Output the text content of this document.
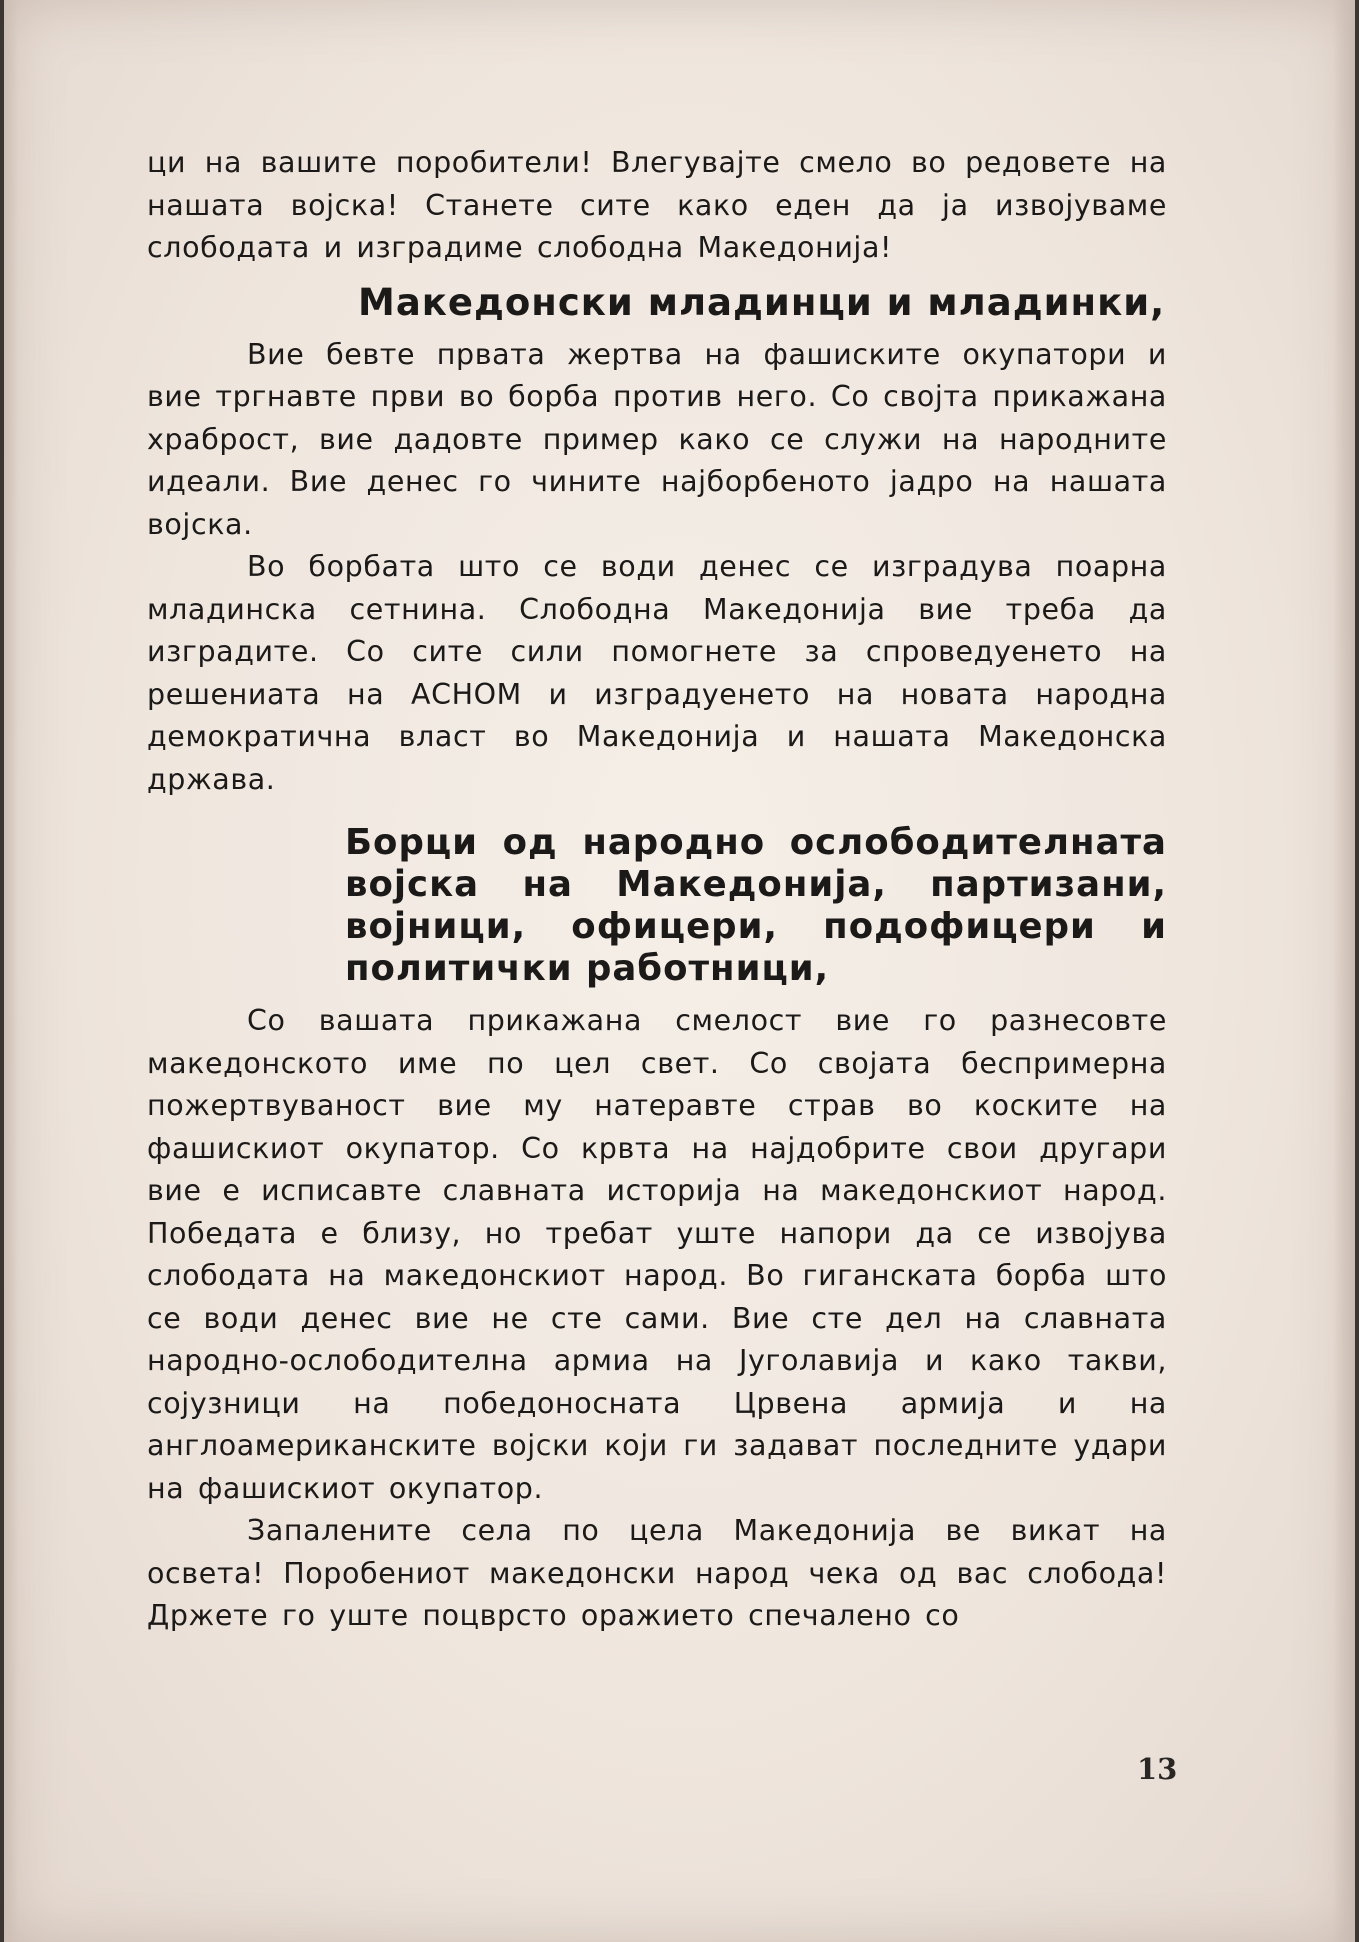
ци на вашите поробители! Влегувајте смело во редовете на нашата војска! Станете сите како еден да ја извојуваме слободата и изградиме слободна Македонија!

Македонски младинци и младинки,

Вие бевте првата жертва на фашиските окупатори и вие тргнавте први во борба против него. Со својта прикажана храброст, вие дадовте пример како се служи на народните идеали. Вие денес го чините најборбеното јадро на нашата војска.

Во борбата што се води денес се изградува поарна младинска сетнина. Слободна Македонија вие треба да изградите. Со сите сили помогнете за спроведуенето на решениата на АСНОМ и изградуенето на новата народна демократична власт во Македонија и нашата Македонска држава.

Борци од народно ослободителната војска на Македонија, партизани, војници, офицери, подофицери и политички работници,

Со вашата прикажана смелост вие го разнесовте македонското име по цел свет. Со својата беспримерна пожертвуваност вие му натеравте страв во коските на фашискиот окупатор. Со крвта на најдобрите свои другари вие е исписавте славната историја на македонскиот народ. Победата е близу, но требат уште напори да се извојува слободата на македонскиот народ. Во гиганската борба што се води денес вие не сте сами. Вие сте дел на славната народно-ослободителна армиа на Југолавија и како такви, сојузници на победоносната Црвена армија и на англоамериканските војски који ги задават последните удари на фашискиот окупатор.

Запалените села по цела Македонија ве викат на освета! Поробениот македонски народ чека од вас слобода! Држете го уште поцврсто оражието спечалено со

13
